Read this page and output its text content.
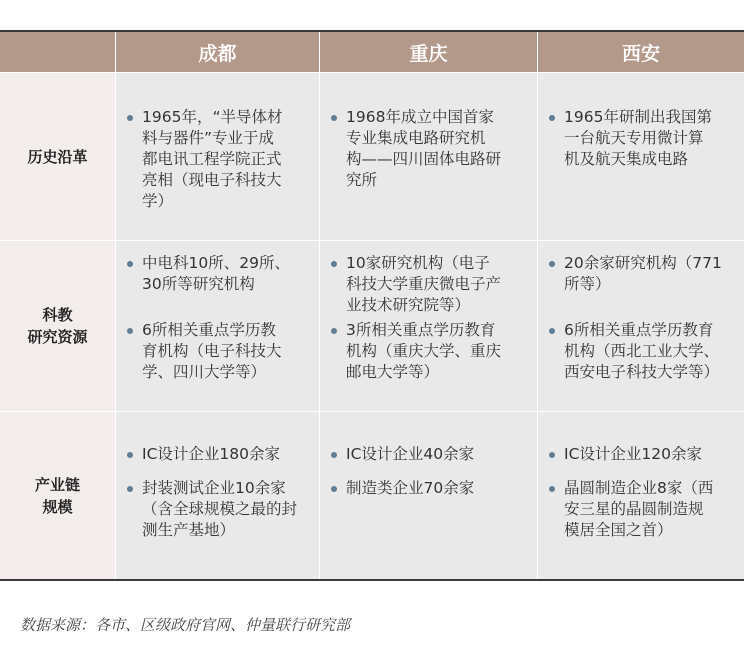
成都	重庆	西安
历史沿革
1965年，“半导体材
料与器件”专业于成
都电讯工程学院正式
亮相（现电子科技大
学）
1968年成立中国首家
专业集成电路研究机
构——四川固体电路研
究所
1965年研制出我国第
一台航天专用微计算
机及航天集成电路
科教
研究资源
中电科10所、29所、
30所等研究机构
6所相关重点学历教
育机构（电子科技大
学、四川大学等）
10家研究机构（电子
科技大学重庆微电子产
业技术研究院等）
3所相关重点学历教育
机构（重庆大学、重庆
邮电大学等）
20余家研究机构（771
所等）
6所相关重点学历教育
机构（西北工业大学、
西安电子科技大学等）
产业链
规模
IC设计企业180余家
封装测试企业10余家
（含全球规模之最的封
测生产基地）
IC设计企业40余家
制造类企业70余家
IC设计企业120余家
晶圆制造企业8家（西
安三星的晶圆制造规
模居全国之首）
数据来源：各市、区级政府官网、仲量联行研究部
